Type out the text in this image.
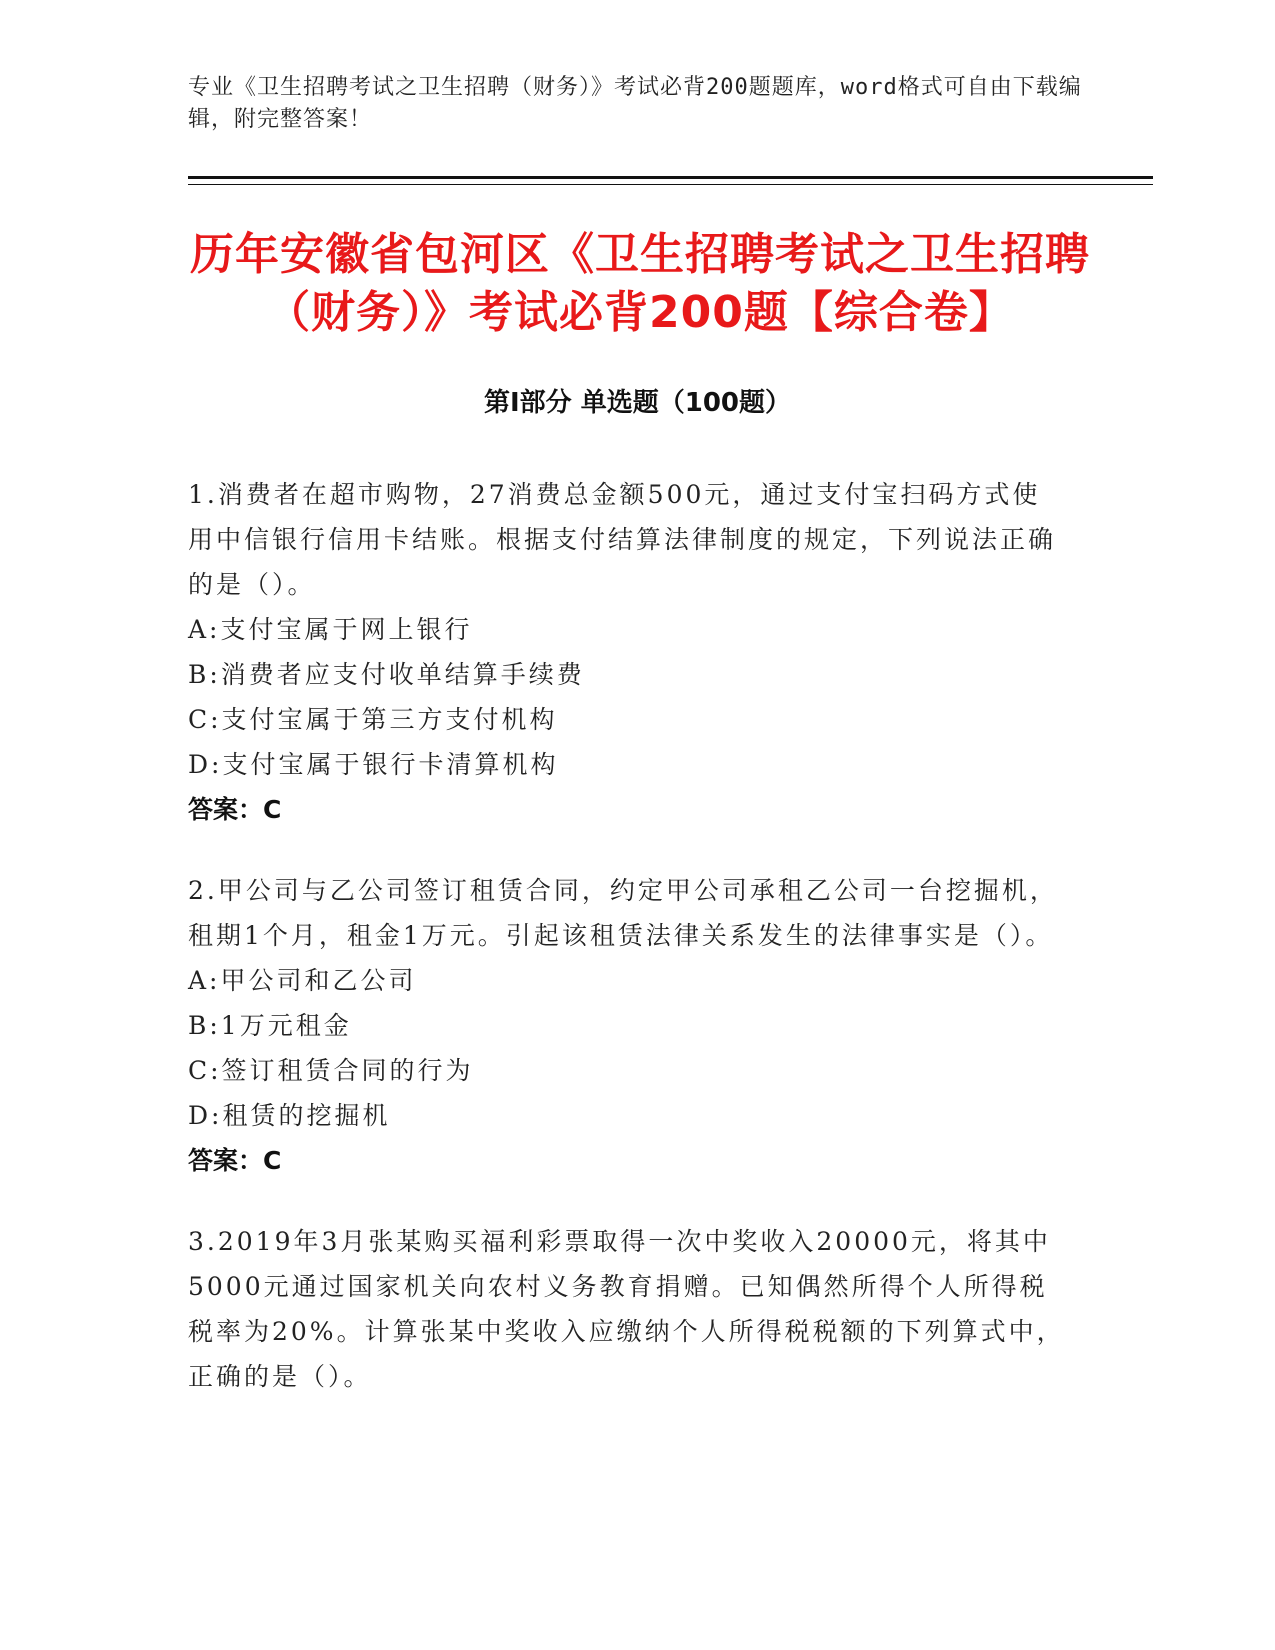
专业《卫生招聘考试之卫生招聘（财务）》考试必背200题题库，word格式可自由下载编辑，附完整答案！
历年安徽省包河区《卫生招聘考试之卫生招聘（财务）》考试必背200题【综合卷】
第Ⅰ部分 单选题（100题）
1.消费者在超市购物，27消费总金额500元，通过支付宝扫码方式使用中信银行信用卡结账。根据支付结算法律制度的规定，下列说法正确的是（）。
A:支付宝属于网上银行
B:消费者应支付收单结算手续费
C:支付宝属于第三方支付机构
D:支付宝属于银行卡清算机构
答案：C
2.甲公司与乙公司签订租赁合同，约定甲公司承租乙公司一台挖掘机，租期1个月，租金1万元。引起该租赁法律关系发生的法律事实是（）。
A:甲公司和乙公司
B:1万元租金
C:签订租赁合同的行为
D:租赁的挖掘机
答案：C
3.2019年3月张某购买福利彩票取得一次中奖收入20000元，将其中5000元通过国家机关向农村义务教育捐赠。已知偶然所得个人所得税税率为20%。计算张某中奖收入应缴纳个人所得税税额的下列算式中，正确的是（）。
